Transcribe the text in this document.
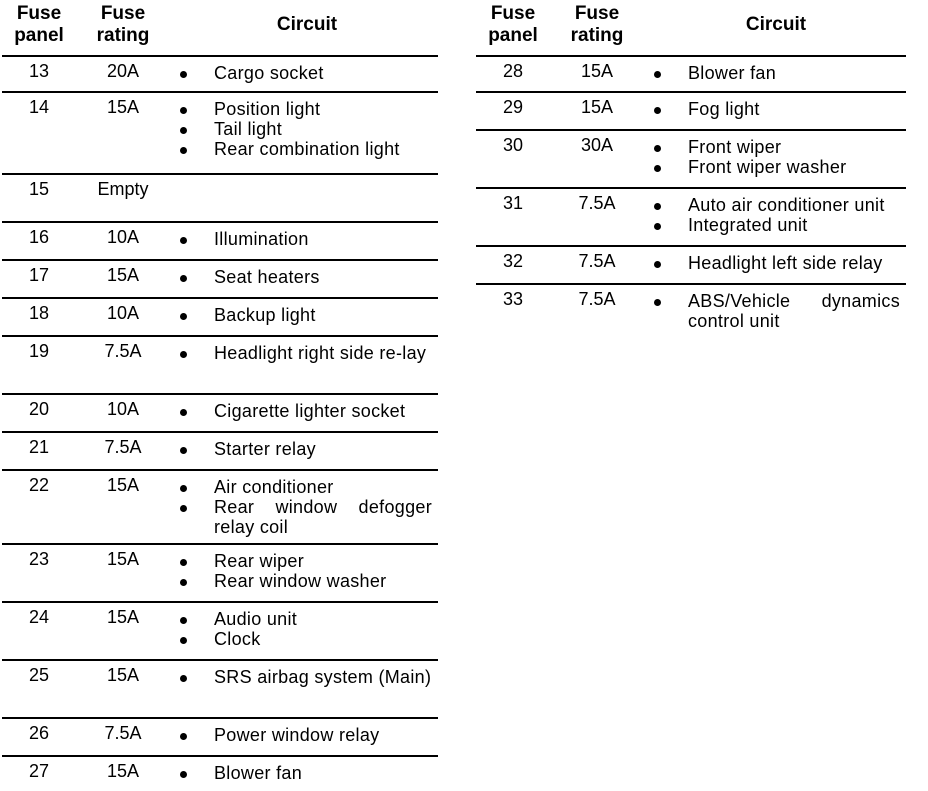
Fuse panel
Fuse rating
Circuit
13	20A	Cargo socket
14	15A	Position light
Tail light
Rear combination light
15	Empty
16	10A	Illumination
17	15A	Seat heaters
18	10A	Backup light
19	7.5A	Headlight right side re-lay
20	10A	Cigarette lighter socket
21	7.5A	Starter relay
22	15A	Air conditioner
Rear window defogger relay coil
23	15A	Rear wiper
Rear window washer
24	15A	Audio unit
Clock
25	15A	SRS airbag system (Main)
26	7.5A	Power window relay
27	15A	Blower fan
Fuse panel
Fuse rating
Circuit
28	15A	Blower fan
29	15A	Fog light
30	30A	Front wiper
Front wiper washer
31	7.5A	Auto air conditioner unit
Integrated unit
32	7.5A	Headlight left side relay
33	7.5A	ABS/Vehicle dynamics control unit
